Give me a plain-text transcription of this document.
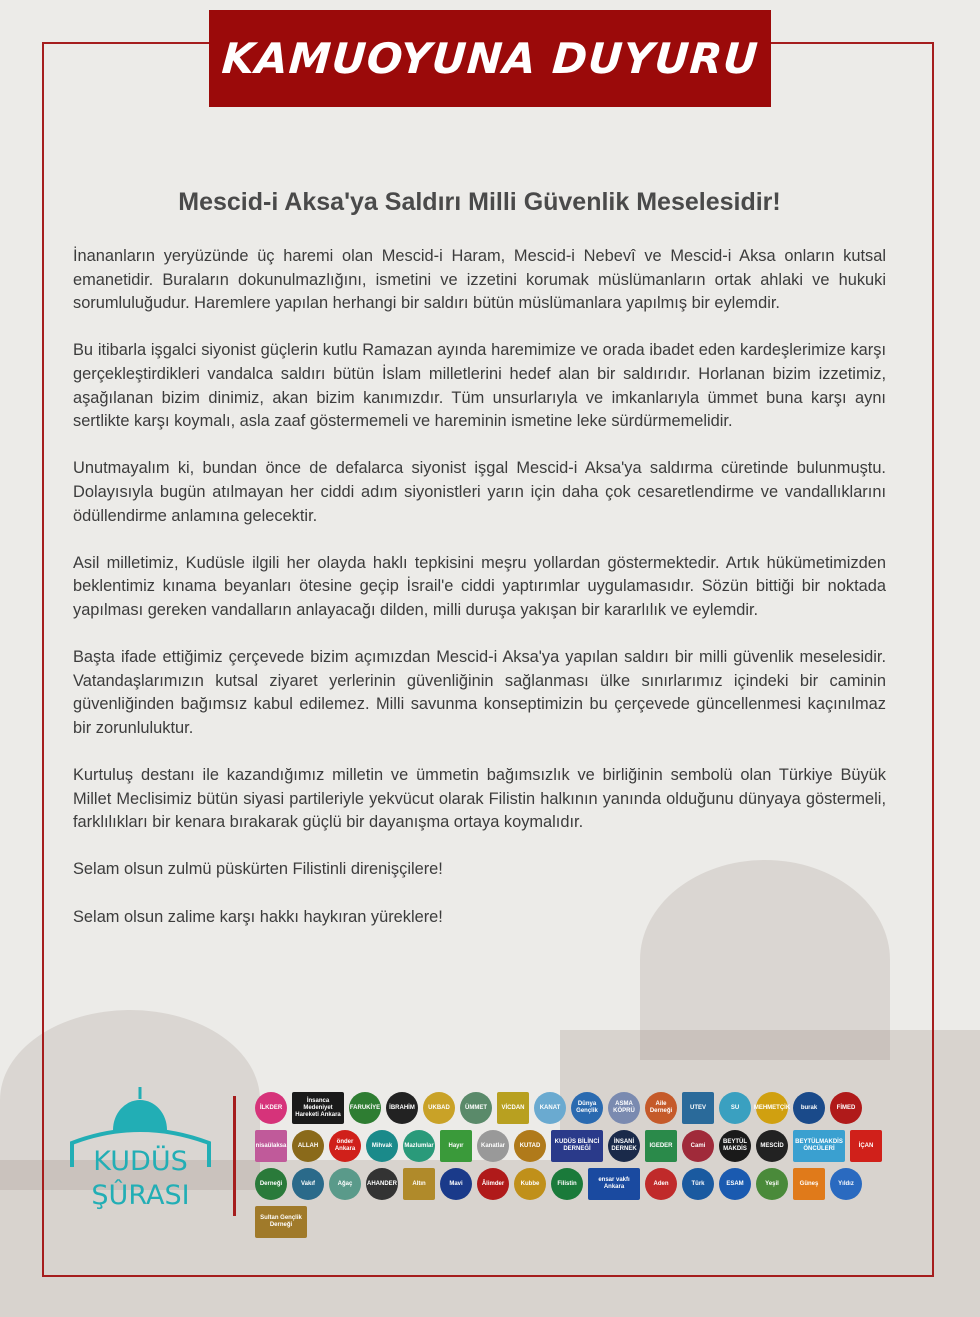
KAMUOYUNA DUYURU
Mescid-i Aksa'ya Saldırı Milli Güvenlik Meselesidir!

İnananların yeryüzünde üç haremi olan Mescid-i Haram, Mescid-i Nebevî ve Mescid-i Aksa onların kutsal emanetidir. Buraların dokunulmazlığını, ismetini ve izzetini korumak müslümanların ortak ahlaki ve hukuki sorumluluğudur. Haremlere yapılan herhangi bir saldırı bütün müslümanlara yapılmış bir eylemdir.

Bu itibarla işgalci siyonist güçlerin kutlu Ramazan ayında haremimize ve orada ibadet eden kardeşlerimize karşı gerçekleştirdikleri vandalca saldırı bütün İslam milletlerini hedef alan bir saldırıdır. Horlanan bizim izzetimiz, aşağılanan bizim dinimiz, akan bizim kanımızdır. Tüm unsurlarıyla ve imkanlarıyla ümmet buna karşı aynı sertlikte karşı koymalı, asla zaaf göstermemeli ve hareminin ismetine leke sürdürmemelidir.

Unutmayalım ki, bundan önce de defalarca siyonist işgal Mescid-i Aksa'ya saldırma cüretinde bulunmuştu. Dolayısıyla bugün atılmayan her ciddi adım siyonistleri yarın için daha çok cesaretlendirme ve vandallıklarını ödüllendirme anlamına gelecektir.

Asil milletimiz, Kudüsle ilgili her olayda haklı tepkisini meşru yollardan göstermektedir. Artık hükümetimizden beklentimiz kınama beyanları ötesine geçip İsrail'e ciddi yaptırımlar uygulamasıdır. Sözün bittiği bir noktada yapılması gereken vandalların anlayacağı dilden, milli duruşa yakışan bir kararlılık ve eylemdir.

Başta ifade ettiğimiz çerçevede bizim açımızdan Mescid-i Aksa'ya yapılan saldırı bir milli güvenlik meselesidir. Vatandaşlarımızın kutsal ziyaret yerlerinin güvenliğinin sağlanması ülke sınırlarımız içindeki bir caminin güvenliğinden bağımsız kabul edilemez. Milli savunma konseptimizin bu çerçevede güncellenmesi kaçınılmaz bir zorunluluktur.

Kurtuluş destanı ile kazandığımız milletin ve ümmetin bağımsızlık ve birliğinin sembolü olan Türkiye Büyük Millet Meclisimiz bütün siyasi partileriyle yekvücut olarak Filistin halkının yanında olduğunu dünyaya göstermeli, farklılıkları bir kenara bırakarak güçlü bir dayanışma ortaya koymalıdır.

Selam olsun zulmü püskürten Filistinli direnişçilere!

Selam olsun zalime karşı hakkı haykıran yüreklere!

KUDÜS
ŞÛRASI
İLKDER
İnsanca Medeniyet Hareketi Ankara
FARUKİYE	İBRAHİM	UKBAD	ÜMMET	VİCDAN	KANAT
Dünya Gençlik
ASMA KÖPRÜ
Aile Derneği
UTEV	SU	MEHMETÇİK	burak	FİMED
nisaülaksa	ALLAH
önder Ankara
Mihvak	Mazlumlar	Hayır	Kanatlar	KUTAD
KUDÜS BİLİNCİ DERNEĞİ
İNSANİ DERNEK
IGEDER	Cami
BEYTÜL MAKDİS
MESCİD
BEYTÜLMAKDİS ÖNCÜLERİ
İÇAN
Derneği	Vakıf	Ağaç	AHANDER	Altın	Mavi	Âlimder	Kubbe	Filistin
ensar vakfı Ankara
Aden	Türk	ESAM	Yeşil	Güneş	Yıldız
Sultan Gençlik Derneği
